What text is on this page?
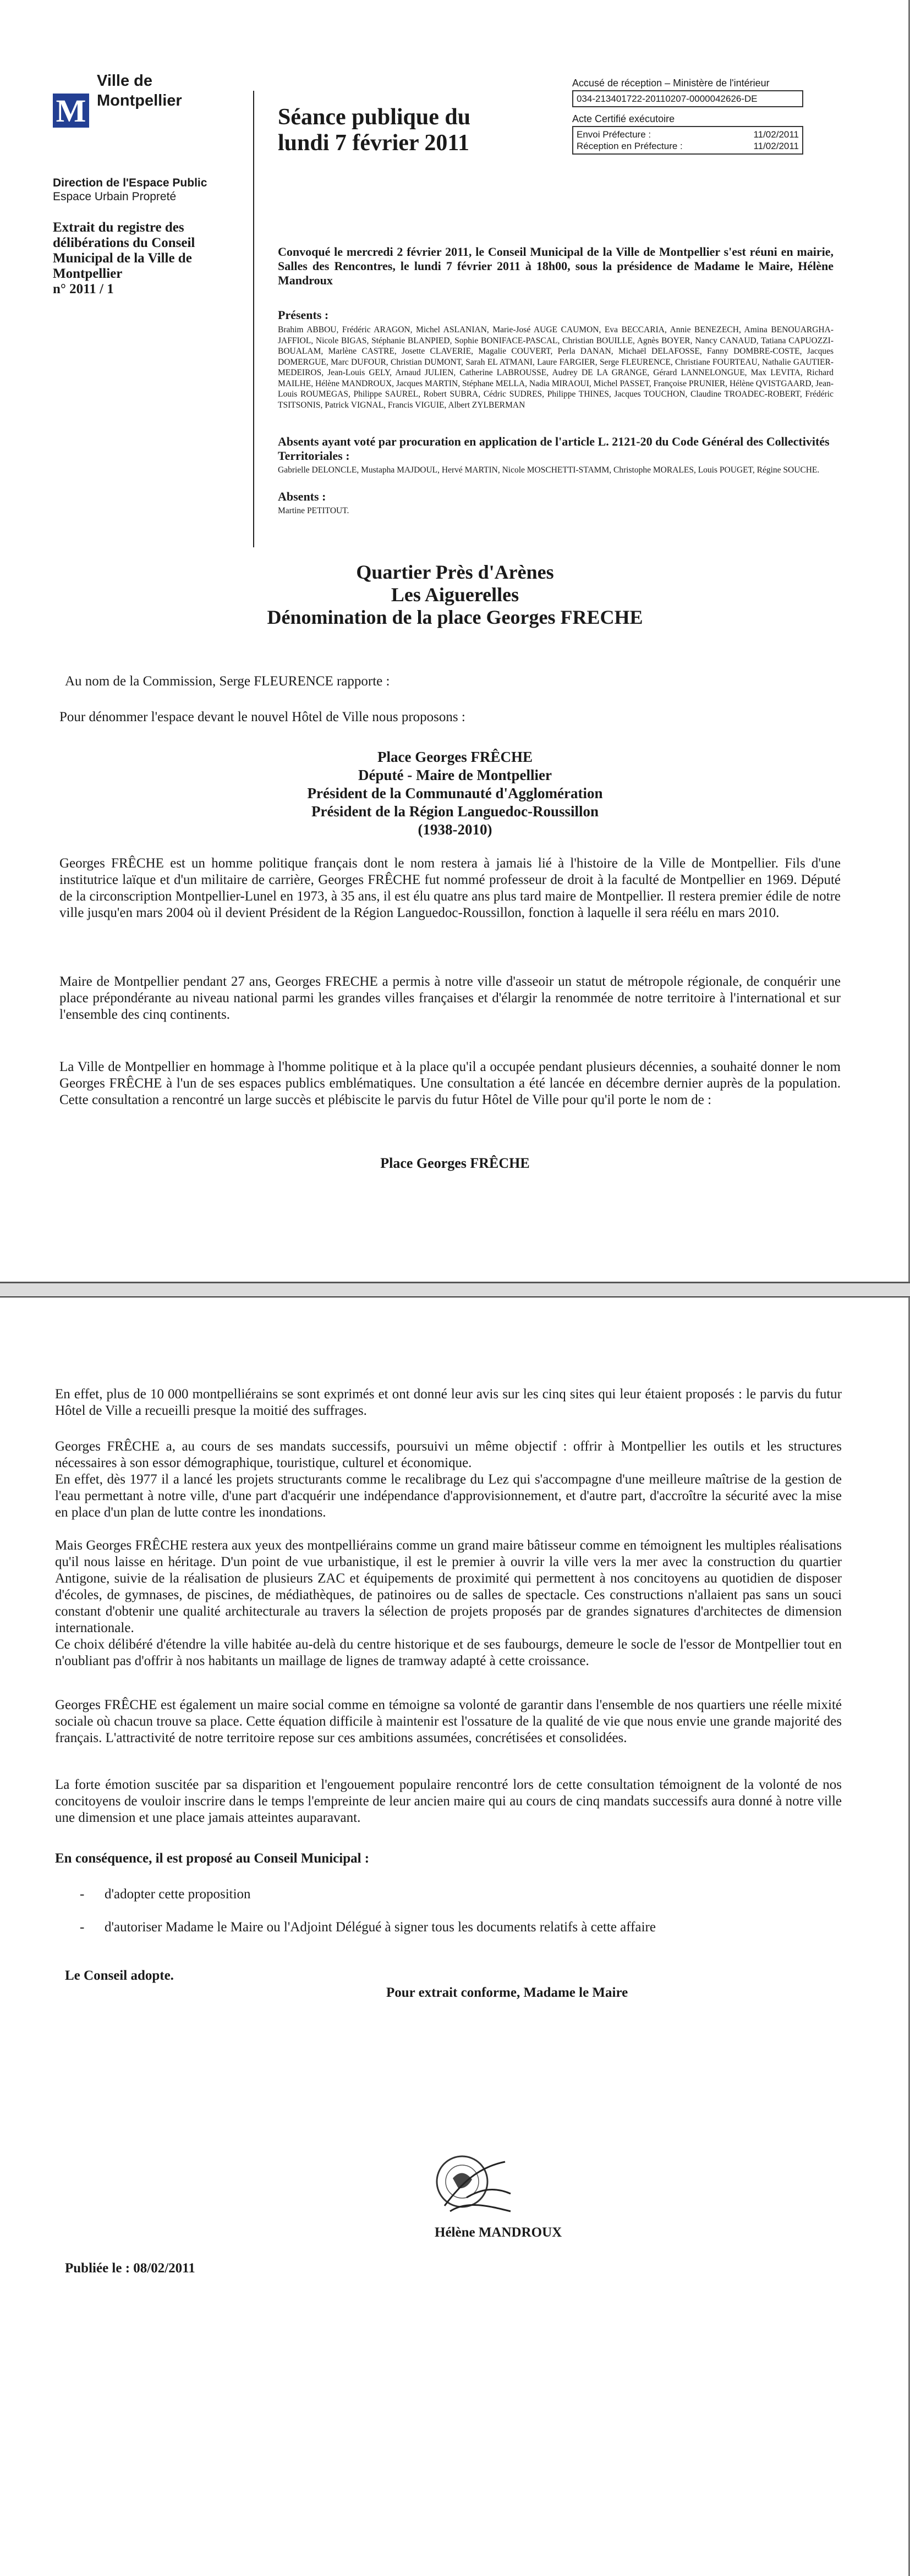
Ville de
Montpellier
M
Direction de l'Espace Public
Espace Urbain Propreté
Extrait du registre des délibérations du Conseil Municipal de la Ville de Montpellier
n° 2011 / 1
Séance publique du
lundi 7 février 2011
Accusé de réception – Ministère de l'intérieur
034-213401722-20110207-0000042626-DE
Acte Certifié exécutoire
Envoi Préfecture :	11/02/2011
Réception en Préfecture :	11/02/2011
Convoqué le mercredi 2 février 2011, le Conseil Municipal de la Ville de Montpellier s'est réuni en mairie, Salles des Rencontres, le lundi 7 février 2011 à 18h00, sous la présidence de Madame le Maire, Hélène Mandroux
Présents :
Brahim ABBOU, Frédéric ARAGON, Michel ASLANIAN, Marie-José AUGE CAUMON, Eva BECCARIA, Annie BENEZECH, Amina BENOUARGHA-JAFFIOL, Nicole BIGAS, Stéphanie BLANPIED, Sophie BONIFACE-PASCAL, Christian BOUILLE, Agnès BOYER, Nancy CANAUD, Tatiana CAPUOZZI-BOUALAM, Marlène CASTRE, Josette CLAVERIE, Magalie COUVERT, Perla DANAN, Michaël DELAFOSSE, Fanny DOMBRE-COSTE, Jacques DOMERGUE, Marc DUFOUR, Christian DUMONT, Sarah EL ATMANI, Laure FARGIER, Serge FLEURENCE, Christiane FOURTEAU, Nathalie GAUTIER-MEDEIROS, Jean-Louis GELY, Arnaud JULIEN, Catherine LABROUSSE, Audrey DE LA GRANGE, Gérard LANNELONGUE, Max LEVITA, Richard MAILHE, Hélène MANDROUX, Jacques MARTIN, Stéphane MELLA, Nadia MIRAOUI, Michel PASSET, Françoise PRUNIER, Hélène QVISTGAARD, Jean-Louis ROUMEGAS, Philippe SAUREL, Robert SUBRA, Cédric SUDRES, Philippe THINES, Jacques TOUCHON, Claudine TROADEC-ROBERT, Frédéric TSITSONIS, Patrick VIGNAL, Francis VIGUIE, Albert ZYLBERMAN
Absents ayant voté par procuration en application de l'article L. 2121-20 du Code Général des Collectivités Territoriales :
Gabrielle DELONCLE, Mustapha MAJDOUL, Hervé MARTIN, Nicole MOSCHETTI-STAMM, Christophe MORALES, Louis POUGET, Régine SOUCHE.
Absents :
Martine PETITOUT.
Quartier Près d'Arènes
Les Aiguerelles
Dénomination de la place Georges FRECHE
Au nom de la Commission, Serge FLEURENCE rapporte :
Pour dénommer l'espace devant le nouvel Hôtel de Ville nous proposons :
Place Georges FRÊCHE
Député - Maire de Montpellier
Président de la Communauté d'Agglomération
Président de la Région Languedoc-Roussillon
(1938-2010)
Georges FRÊCHE est un homme politique français dont le nom restera à jamais lié à l'histoire de la Ville de Montpellier. Fils d'une institutrice laïque et d'un militaire de carrière, Georges FRÊCHE fut nommé professeur de droit à la faculté de Montpellier en 1969. Député de la circonscription Montpellier-Lunel en 1973, à 35 ans, il est élu quatre ans plus tard maire de Montpellier. Il restera premier édile de notre ville jusqu'en mars 2004 où il devient Président de la Région Languedoc-Roussillon, fonction à laquelle il sera réélu en mars 2010.
Maire de Montpellier pendant 27 ans, Georges FRECHE a permis à notre ville d'asseoir un statut de métropole régionale, de conquérir une place prépondérante au niveau national parmi les grandes villes françaises et d'élargir la renommée de notre territoire à l'international et sur l'ensemble des cinq continents.
La Ville de Montpellier en hommage à l'homme politique et à la place qu'il a occupée pendant plusieurs décennies, a souhaité donner le nom Georges FRÊCHE à l'un de ses espaces publics emblématiques. Une consultation a été lancée en décembre dernier auprès de la population. Cette consultation a rencontré un large succès et plébiscite le parvis du futur Hôtel de Ville pour qu'il porte le nom de :
Place Georges FRÊCHE
En effet, plus de 10 000 montpelliérains se sont exprimés et ont donné leur avis sur les cinq sites qui leur étaient proposés : le parvis du futur Hôtel de Ville a recueilli presque la moitié des suffrages.
Georges FRÊCHE a, au cours de ses mandats successifs, poursuivi un même objectif : offrir à Montpellier les outils et les structures nécessaires à son essor démographique, touristique, culturel et économique.
En effet, dès 1977 il a lancé les projets structurants comme le recalibrage du Lez qui s'accompagne d'une meilleure maîtrise de la gestion de l'eau permettant à notre ville, d'une part d'acquérir une indépendance d'approvisionnement, et d'autre part, d'accroître la sécurité avec la mise en place d'un plan de lutte contre les inondations.
Mais Georges FRÊCHE restera aux yeux des montpelliérains comme un grand maire bâtisseur comme en témoignent les multiples réalisations qu'il nous laisse en héritage. D'un point de vue urbanistique, il est le premier à ouvrir la ville vers la mer avec la construction du quartier Antigone, suivie de la réalisation de plusieurs ZAC et équipements de proximité qui permettent à nos concitoyens au quotidien de disposer d'écoles, de gymnases, de piscines, de médiathèques, de patinoires ou de salles de spectacle. Ces constructions n'allaient pas sans un souci constant d'obtenir une qualité architecturale au travers la sélection de projets proposés par de grandes signatures d'architectes de dimension internationale.
Ce choix délibéré d'étendre la ville habitée au-delà du centre historique et de ses faubourgs, demeure le socle de l'essor de Montpellier tout en n'oubliant pas d'offrir à nos habitants un maillage de lignes de tramway adapté à cette croissance.
Georges FRÊCHE est également un maire social comme en témoigne sa volonté de garantir dans l'ensemble de nos quartiers une réelle mixité sociale où chacun trouve sa place. Cette équation difficile à maintenir est l'ossature de la qualité de vie que nous envie une grande majorité des français. L'attractivité de notre territoire repose sur ces ambitions assumées, concrétisées et consolidées.
La forte émotion suscitée par sa disparition et l'engouement populaire rencontré lors de cette consultation témoignent de la volonté de nos concitoyens de vouloir inscrire dans le temps l'empreinte de leur ancien maire qui au cours de cinq mandats successifs aura donné à notre ville une dimension et une place jamais atteintes auparavant.
En conséquence, il est proposé au Conseil Municipal :
- d'adopter cette proposition
- d'autoriser Madame le Maire ou l'Adjoint Délégué à signer tous les documents relatifs à cette affaire
Le Conseil adopte.
Pour extrait conforme, Madame le Maire
Hélène MANDROUX
Publiée le : 08/02/2011
